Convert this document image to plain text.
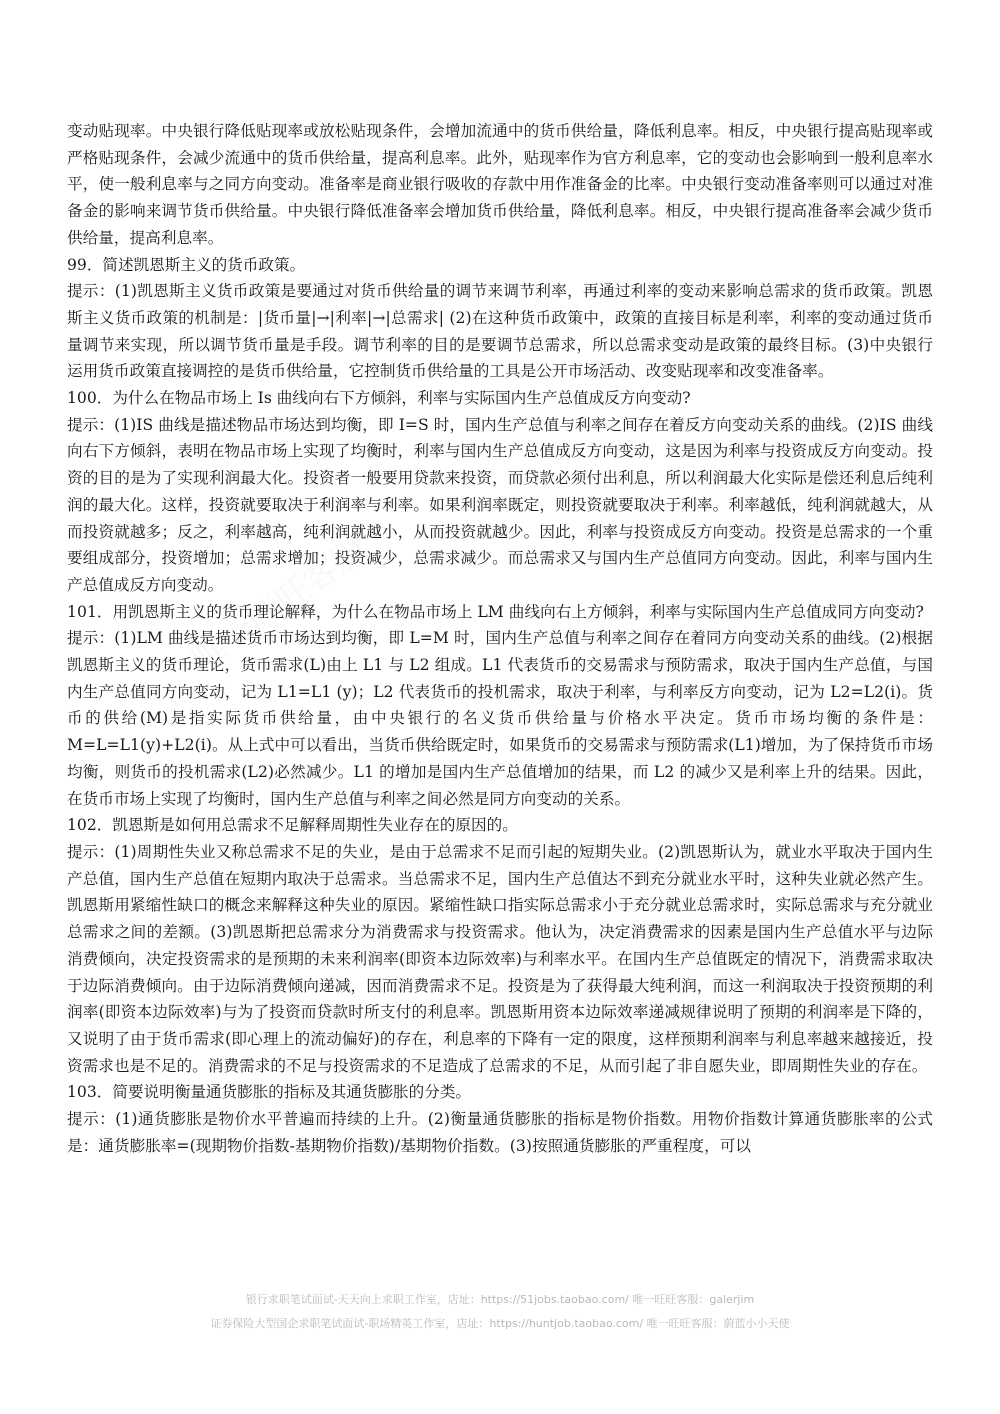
唯一旺旺客服

变动贴现率。中央银行降低贴现率或放松贴现条件，会增加流通中的货币供给量，降低利息率。相反，中央银行提高贴现率或严格贴现条件，会减少流通中的货币供给量，提高利息率。此外，贴现率作为官方利息率，它的变动也会影响到一般利息率水平，使一般利息率与之同方向变动。准备率是商业银行吸收的存款中用作准备金的比率。中央银行变动准备率则可以通过对准备金的影响来调节货币供给量。中央银行降低准备率会增加货币供给量，降低利息率。相反，中央银行提高准备率会减少货币供给量，提高利息率。

99．简述凯恩斯主义的货币政策。

提示：(1)凯恩斯主义货币政策是要通过对货币供给量的调节来调节利率，再通过利率的变动来影响总需求的货币政策。凯恩斯主义货币政策的机制是：|货币量|→|利率|→|总需求| (2)在这种货币政策中，政策的直接目标是利率，利率的变动通过货币量调节来实现，所以调节货币量是手段。调节利率的目的是要调节总需求，所以总需求变动是政策的最终目标。(3)中央银行运用货币政策直接调控的是货币供给量，它控制货币供给量的工具是公开市场活动、改变贴现率和改变准备率。

100．为什么在物品市场上 Is 曲线向右下方倾斜，利率与实际国内生产总值成反方向变动?

提示：(1)IS 曲线是描述物品市场达到均衡，即 I=S 时，国内生产总值与利率之间存在着反方向变动关系的曲线。(2)IS 曲线向右下方倾斜，表明在物品市场上实现了均衡时，利率与国内生产总值成反方向变动，这是因为利率与投资成反方向变动。投资的目的是为了实现利润最大化。投资者一般要用贷款来投资，而贷款必须付出利息，所以利润最大化实际是偿还利息后纯利润的最大化。这样，投资就要取决于利润率与利率。如果利润率既定，则投资就要取决于利率。利率越低，纯利润就越大，从而投资就越多；反之，利率越高，纯利润就越小，从而投资就越少。因此，利率与投资成反方向变动。投资是总需求的一个重要组成部分，投资增加；总需求增加；投资减少，总需求减少。而总需求又与国内生产总值同方向变动。因此，利率与国内生产总值成反方向变动。

101．用凯恩斯主义的货币理论解释，为什么在物品市场上 LM 曲线向右上方倾斜，利率与实际国内生产总值成同方向变动?

提示：(1)LM 曲线是描述货币市场达到均衡，即 L=M 时，国内生产总值与利率之间存在着同方向变动关系的曲线。(2)根据凯恩斯主义的货币理论，货币需求(L)由上 L1 与 L2 组成。L1 代表货币的交易需求与预防需求，取决于国内生产总值，与国内生产总值同方向变动，记为 L1=L1 (y)；L2 代表货币的投机需求，取决于利率，与利率反方向变动，记为 L2=L2(i)。货币的供给(M)是指实际货币供给量，由中央银行的名义货币供给量与价格水平决定。货币市场均衡的条件是：M=L=L1(y)+L2(i)。从上式中可以看出，当货币供给既定时，如果货币的交易需求与预防需求(L1)增加，为了保持货币市场均衡，则货币的投机需求(L2)必然减少。L1 的增加是国内生产总值增加的结果，而 L2 的减少又是利率上升的结果。因此，在货币市场上实现了均衡时，国内生产总值与利率之间必然是同方向变动的关系。

102．凯恩斯是如何用总需求不足解释周期性失业存在的原因的。

提示：(1)周期性失业又称总需求不足的失业，是由于总需求不足而引起的短期失业。(2)凯恩斯认为，就业水平取决于国内生产总值，国内生产总值在短期内取决于总需求。当总需求不足，国内生产总值达不到充分就业水平时，这种失业就必然产生。凯恩斯用紧缩性缺口的概念来解释这种失业的原因。紧缩性缺口指实际总需求小于充分就业总需求时，实际总需求与充分就业总需求之间的差额。(3)凯恩斯把总需求分为消费需求与投资需求。他认为，决定消费需求的因素是国内生产总值水平与边际消费倾向，决定投资需求的是预期的未来利润率(即资本边际效率)与利率水平。在国内生产总值既定的情况下，消费需求取决于边际消费倾向。由于边际消费倾向递减，因而消费需求不足。投资是为了获得最大纯利润，而这一利润取决于投资预期的利润率(即资本边际效率)与为了投资而贷款时所支付的利息率。凯恩斯用资本边际效率递减规律说明了预期的利润率是下降的，又说明了由于货币需求(即心理上的流动偏好)的存在，利息率的下降有一定的限度，这样预期利润率与利息率越来越接近，投资需求也是不足的。消费需求的不足与投资需求的不足造成了总需求的不足，从而引起了非自愿失业，即周期性失业的存在。

103．简要说明衡量通货膨胀的指标及其通货膨胀的分类。

提示：(1)通货膨胀是物价水平普遍而持续的上升。(2)衡量通货膨胀的指标是物价指数。用物价指数计算通货膨胀率的公式是：通货膨胀率=(现期物价指数-基期物价指数)/基期物价指数。(3)按照通货膨胀的严重程度，可以

银行求职笔试面试-天天向上求职工作室，店址：https://51jobs.taobao.com/ 唯一旺旺客服：galerjim
证券保险大型国企求职笔试面试-职场精英工作室，店址：https://huntjob.taobao.com/ 唯一旺旺客服：蔚蓝小小天使
